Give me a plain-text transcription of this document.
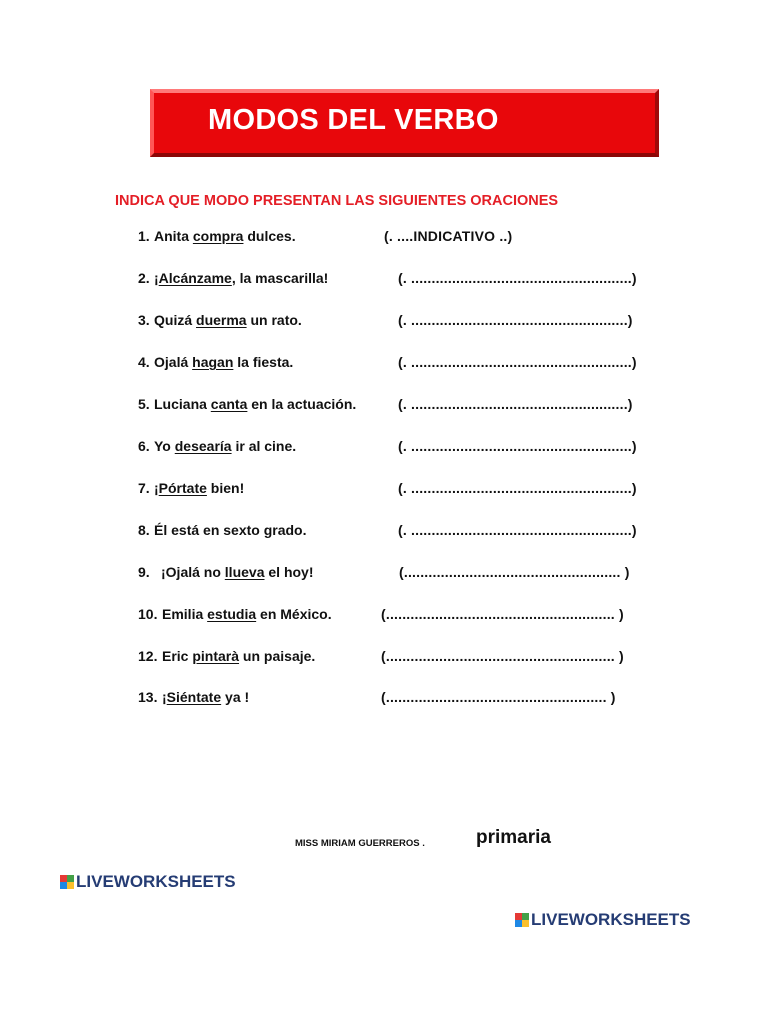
MODOS DEL VERBO
INDICA QUE MODO PRESENTAN LAS SIGUIENTES ORACIONES
1. Anita compra dulces.	(. ....INDICATIVO ..)
2. ¡Alcánzame, la mascarilla!	(. ......................................................)
3. Quizá duerma un rato.	(. .....................................................)
4. Ojalá hagan la fiesta.	(. ......................................................)
5. Luciana canta en la actuación.	(. .....................................................)
6. Yo desearía ir al cine.	(. ......................................................)
7. ¡Pórtate bien!	(. ......................................................)
8. Él está en sexto grado.	(. ......................................................)
9. ¡Ojalá no llueva el hoy!	(..................................................... )
10. Emilia estudia en México.	(........................................................ )
12. Eric pintarà un paisaje.	(........................................................ )
13. ¡Siéntate ya !	(...................................................... )
MISS MIRIAM GUERREROS .	primaria
LIVEWORKSHEETS
LIVEWORKSHEETS
